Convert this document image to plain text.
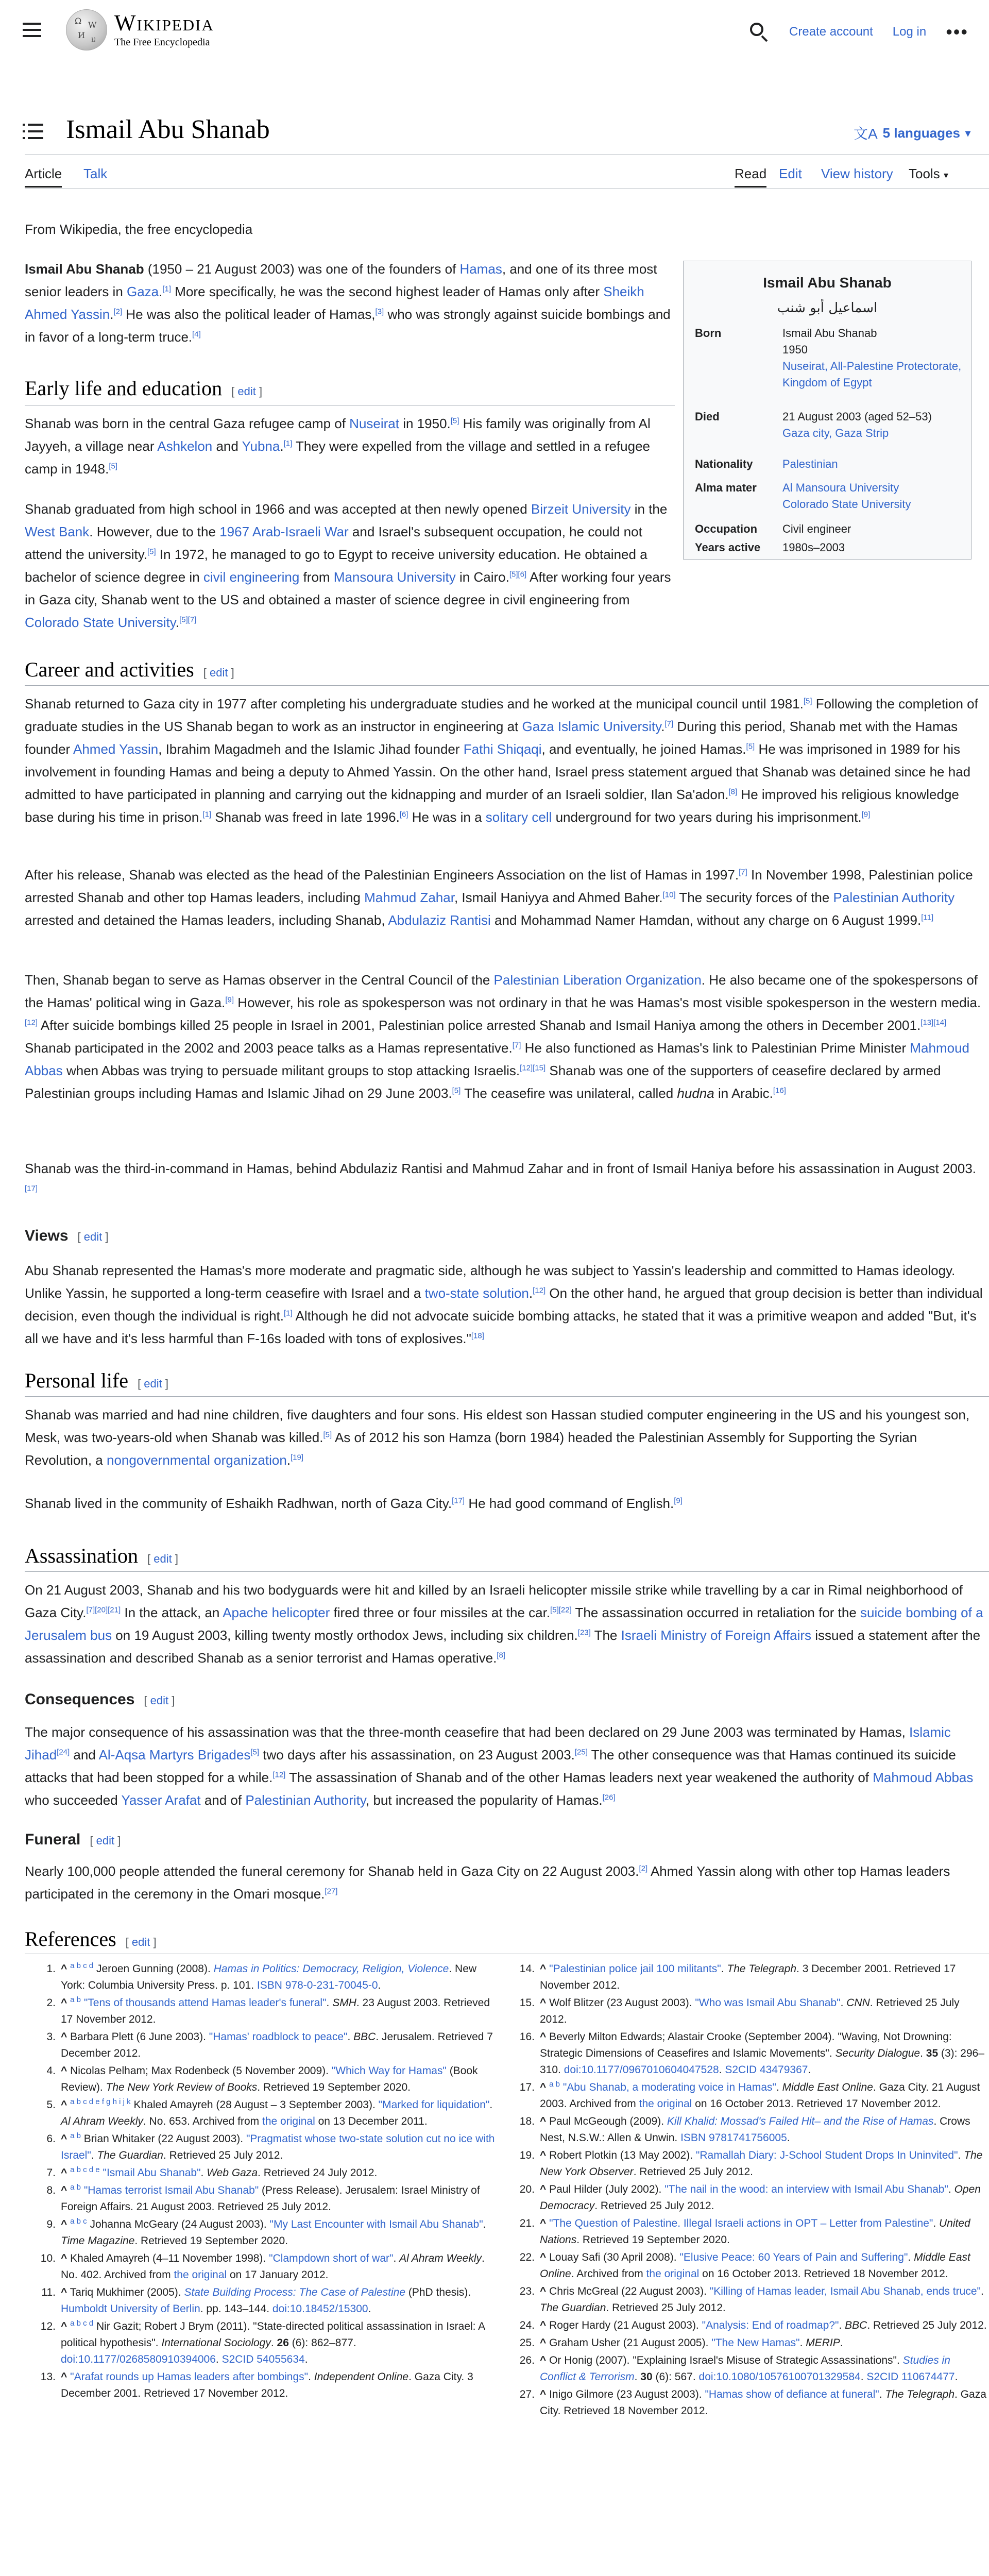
Ω W
И ע
Wikipedia
The Free Encyclopedia
Create account Log in •••
Ismail Abu Shanab	文A 5 languages ▾
Article Talk	Read Edit View history Tools ▾
From Wikipedia, the free encyclopedia
Ismail Abu Shanab
اسماعيل أبو شنب
Born	Ismail Abu Shanab
1950
Nuseirat, All-Palestine Protectorate, Kingdom of Egypt
Died	21 August 2003 (aged 52–53)
Gaza city, Gaza Strip
Nationality	Palestinian
Alma mater	Al Mansoura University
Colorado State University
Occupation	Civil engineer
Years active	1980s–2003

Ismail Abu Shanab (1950 – 21 August 2003) was one of the founders of Hamas, and one of its three most senior leaders in Gaza.[1] More specifically, he was the second highest leader of Hamas only after Sheikh Ahmed Yassin.[2] He was also the political leader of Hamas,[3] who was strongly against suicide bombings and in favor of a long-term truce.[4]

Early life and education [ edit ]

Shanab was born in the central Gaza refugee camp of Nuseirat in 1950.[5] His family was originally from Al Jayyeh, a village near Ashkelon and Yubna.[1] They were expelled from the village and settled in a refugee camp in 1948.[5]

Shanab graduated from high school in 1966 and was accepted at then newly opened Birzeit University in the West Bank. However, due to the 1967 Arab-Israeli War and Israel's subsequent occupation, he could not attend the university.[5] In 1972, he managed to go to Egypt to receive university education. He obtained a bachelor of science degree in civil engineering from Mansoura University in Cairo.[5][6] After working four years in Gaza city, Shanab went to the US and obtained a master of science degree in civil engineering from Colorado State University.[5][7]

Career and activities [ edit ]

Shanab returned to Gaza city in 1977 after completing his undergraduate studies and he worked at the municipal council until 1981.[5] Following the completion of graduate studies in the US Shanab began to work as an instructor in engineering at Gaza Islamic University.[7] During this period, Shanab met with the Hamas founder Ahmed Yassin, Ibrahim Magadmeh and the Islamic Jihad founder Fathi Shiqaqi, and eventually, he joined Hamas.[5] He was imprisoned in 1989 for his involvement in founding Hamas and being a deputy to Ahmed Yassin. On the other hand, Israel press statement argued that Shanab was detained since he had admitted to have participated in planning and carrying out the kidnapping and murder of an Israeli soldier, Ilan Sa'adon.[8] He improved his religious knowledge base during his time in prison.[1] Shanab was freed in late 1996.[6] He was in a solitary cell underground for two years during his imprisonment.[9]

After his release, Shanab was elected as the head of the Palestinian Engineers Association on the list of Hamas in 1997.[7] In November 1998, Palestinian police arrested Shanab and other top Hamas leaders, including Mahmud Zahar, Ismail Haniyya and Ahmed Baher.[10] The security forces of the Palestinian Authority arrested and detained the Hamas leaders, including Shanab, Abdulaziz Rantisi and Mohammad Namer Hamdan, without any charge on 6 August 1999.[11]

Then, Shanab began to serve as Hamas observer in the Central Council of the Palestinian Liberation Organization. He also became one of the spokespersons of the Hamas' political wing in Gaza.[9] However, his role as spokesperson was not ordinary in that he was Hamas's most visible spokesperson in the western media.[12] After suicide bombings killed 25 people in Israel in 2001, Palestinian police arrested Shanab and Ismail Haniya among the others in December 2001.[13][14] Shanab participated in the 2002 and 2003 peace talks as a Hamas representative.[7] He also functioned as Hamas's link to Palestinian Prime Minister Mahmoud Abbas when Abbas was trying to persuade militant groups to stop attacking Israelis.[12][15] Shanab was one of the supporters of ceasefire declared by armed Palestinian groups including Hamas and Islamic Jihad on 29 June 2003.[5] The ceasefire was unilateral, called hudna in Arabic.[16]

Shanab was the third-in-command in Hamas, behind Abdulaziz Rantisi and Mahmud Zahar and in front of Ismail Haniya before his assassination in August 2003.[17]

Views [ edit ]

Abu Shanab represented the Hamas's more moderate and pragmatic side, although he was subject to Yassin's leadership and committed to Hamas ideology. Unlike Yassin, he supported a long-term ceasefire with Israel and a two-state solution.[12] On the other hand, he argued that group decision is better than individual decision, even though the individual is right.[1] Although he did not advocate suicide bombing attacks, he stated that it was a primitive weapon and added "But, it's all we have and it's less harmful than F-16s loaded with tons of explosives."[18]

Personal life [ edit ]

Shanab was married and had nine children, five daughters and four sons. His eldest son Hassan studied computer engineering in the US and his youngest son, Mesk, was two-years-old when Shanab was killed.[5] As of 2012 his son Hamza (born 1984) headed the Palestinian Assembly for Supporting the Syrian Revolution, a nongovernmental organization.[19]

Shanab lived in the community of Eshaikh Radhwan, north of Gaza City.[17] He had good command of English.[9]

Assassination [ edit ]

On 21 August 2003, Shanab and his two bodyguards were hit and killed by an Israeli helicopter missile strike while travelling by a car in Rimal neighborhood of Gaza City.[7][20][21] In the attack, an Apache helicopter fired three or four missiles at the car.[5][22] The assassination occurred in retaliation for the suicide bombing of a Jerusalem bus on 19 August 2003, killing twenty mostly orthodox Jews, including six children.[23] The Israeli Ministry of Foreign Affairs issued a statement after the assassination and described Shanab as a senior terrorist and Hamas operative.[8]

Consequences [ edit ]

The major consequence of his assassination was that the three-month ceasefire that had been declared on 29 June 2003 was terminated by Hamas, Islamic Jihad[24] and Al-Aqsa Martyrs Brigades[5] two days after his assassination, on 23 August 2003.[25] The other consequence was that Hamas continued its suicide attacks that had been stopped for a while.[12] The assassination of Shanab and of the other Hamas leaders next year weakened the authority of Mahmoud Abbas who succeeded Yasser Arafat and of Palestinian Authority, but increased the popularity of Hamas.[26]

Funeral [ edit ]

Nearly 100,000 people attended the funeral ceremony for Shanab held in Gaza City on 22 August 2003.[2] Ahmed Yassin along with other top Hamas leaders participated in the ceremony in the Omari mosque.[27]

References [ edit ]
1. ^ $^{a b c d}$ Jeroen Gunning (2008). Hamas in Politics: Democracy, Religion, Violence. New York: Columbia University Press. p. 101. ISBN 978-0-231-70045-0.
2. ^ $^{a b}$ "Tens of thousands attend Hamas leader's funeral". SMH. 23 August 2003. Retrieved 17 November 2012.
3. ^ Barbara Plett (6 June 2003). "Hamas' roadblock to peace". BBC. Jerusalem. Retrieved 7 December 2012.
4. ^ Nicolas Pelham; Max Rodenbeck (5 November 2009). "Which Way for Hamas" (Book Review). The New York Review of Books. Retrieved 19 September 2020.
5. ^ $^{a b c d e f g h i j k}$ Khaled Amayreh (28 August – 3 September 2003). "Marked for liquidation". Al Ahram Weekly. No. 653. Archived from the original on 13 December 2011.
6. ^ $^{a b}$ Brian Whitaker (22 August 2003). "Pragmatist whose two-state solution cut no ice with Israel". The Guardian. Retrieved 25 July 2012.
7. ^ $^{a b c d e}$ "Ismail Abu Shanab". Web Gaza. Retrieved 24 July 2012.
8. ^ $^{a b}$ "Hamas terrorist Ismail Abu Shanab" (Press Release). Jerusalem: Israel Ministry of Foreign Affairs. 21 August 2003. Retrieved 25 July 2012.
9. ^ $^{a b c}$ Johanna McGeary (24 August 2003). "My Last Encounter with Ismail Abu Shanab". Time Magazine. Retrieved 19 September 2020.
10. ^ Khaled Amayreh (4–11 November 1998). "Clampdown short of war". Al Ahram Weekly. No. 402. Archived from the original on 17 January 2012.
11. ^ Tariq Mukhimer (2005). State Building Process: The Case of Palestine (PhD thesis). Humboldt University of Berlin. pp. 143–144. doi:10.18452/15300.
12. ^ $^{a b c d}$ Nir Gazit; Robert J Brym (2011). "State-directed political assassination in Israel: A political hypothesis". International Sociology. 26 (6): 862–877. doi:10.1177/0268580910394006. S2CID 54055634.
13. ^ "Arafat rounds up Hamas leaders after bombings". Independent Online. Gaza City. 3 December 2001. Retrieved 17 November 2012.
14. ^ "Palestinian police jail 100 militants". The Telegraph. 3 December 2001. Retrieved 17 November 2012.
15. ^ Wolf Blitzer (23 August 2003). "Who was Ismail Abu Shanab". CNN. Retrieved 25 July 2012.
16. ^ Beverly Milton Edwards; Alastair Crooke (September 2004). "Waving, Not Drowning: Strategic Dimensions of Ceasefires and Islamic Movements". Security Dialogue. 35 (3): 296–310. doi:10.1177/0967010604047528. S2CID 43479367.
17. ^ $^{a b}$ "Abu Shanab, a moderating voice in Hamas". Middle East Online. Gaza City. 21 August 2003. Archived from the original on 16 October 2013. Retrieved 17 November 2012.
18. ^ Paul McGeough (2009). Kill Khalid: Mossad's Failed Hit– and the Rise of Hamas. Crows Nest, N.S.W.: Allen & Unwin. ISBN 9781741756005.
19. ^ Robert Plotkin (13 May 2002). "Ramallah Diary: J-School Student Drops In Uninvited". The New York Observer. Retrieved 25 July 2012.
20. ^ Paul Hilder (July 2002). "The nail in the wood: an interview with Ismail Abu Shanab". Open Democracy. Retrieved 25 July 2012.
21. ^ "The Question of Palestine. Illegal Israeli actions in OPT – Letter from Palestine". United Nations. Retrieved 19 September 2020.
22. ^ Louay Safi (30 April 2008). "Elusive Peace: 60 Years of Pain and Suffering". Middle East Online. Archived from the original on 16 October 2013. Retrieved 18 November 2012.
23. ^ Chris McGreal (22 August 2003). "Killing of Hamas leader, Ismail Abu Shanab, ends truce". The Guardian. Retrieved 25 July 2012.
24. ^ Roger Hardy (21 August 2003). "Analysis: End of roadmap?". BBC. Retrieved 25 July 2012.
25. ^ Graham Usher (21 August 2005). "The New Hamas". MERIP.
26. ^ Or Honig (2007). "Explaining Israel's Misuse of Strategic Assassinations". Studies in Conflict & Terrorism. 30 (6): 567. doi:10.1080/10576100701329584. S2CID 110674477.
27. ^ Inigo Gilmore (23 August 2003). "Hamas show of defiance at funeral". The Telegraph. Gaza City. Retrieved 18 November 2012.
